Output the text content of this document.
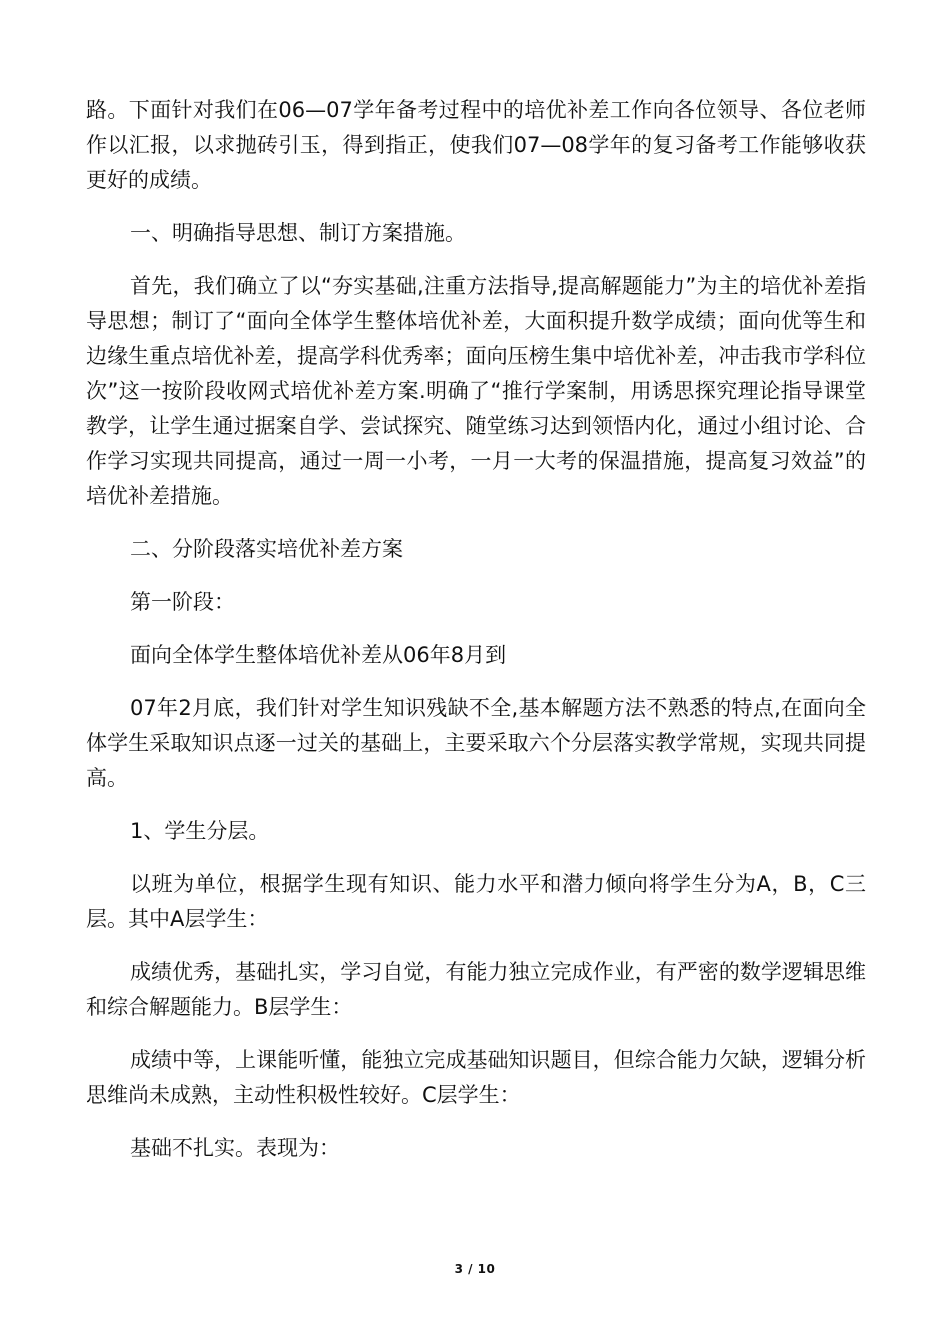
路。下面针对我们在06—07学年备考过程中的培优补差工作向各位领导、各位老师作以汇报，以求抛砖引玉，得到指正，使我们07—08学年的复习备考工作能够收获更好的成绩。

一、明确指导思想、制订方案措施。

首先，我们确立了以“夯实基础,注重方法指导,提高解题能力”为主的培优补差指导思想；制订了“面向全体学生整体培优补差，大面积提升数学成绩；面向优等生和边缘生重点培优补差，提高学科优秀率；面向压榜生集中培优补差，冲击我市学科位次”这一按阶段收网式培优补差方案.明确了“推行学案制，用诱思探究理论指导课堂教学，让学生通过据案自学、尝试探究、随堂练习达到领悟内化，通过小组讨论、合作学习实现共同提高，通过一周一小考，一月一大考的保温措施，提高复习效益”的培优补差措施。

二、分阶段落实培优补差方案

第一阶段：

面向全体学生整体培优补差从06年8月到

07年2月底，我们针对学生知识残缺不全,基本解题方法不熟悉的特点,在面向全体学生采取知识点逐一过关的基础上，主要采取六个分层落实教学常规，实现共同提高。

1、学生分层。

以班为单位，根据学生现有知识、能力水平和潜力倾向将学生分为A，B，C三层。其中A层学生：

成绩优秀，基础扎实，学习自觉，有能力独立完成作业，有严密的数学逻辑思维和综合解题能力。B层学生：

成绩中等，上课能听懂，能独立完成基础知识题目，但综合能力欠缺，逻辑分析思维尚未成熟，主动性积极性较好。C层学生：

基础不扎实。表现为：

3 / 10
